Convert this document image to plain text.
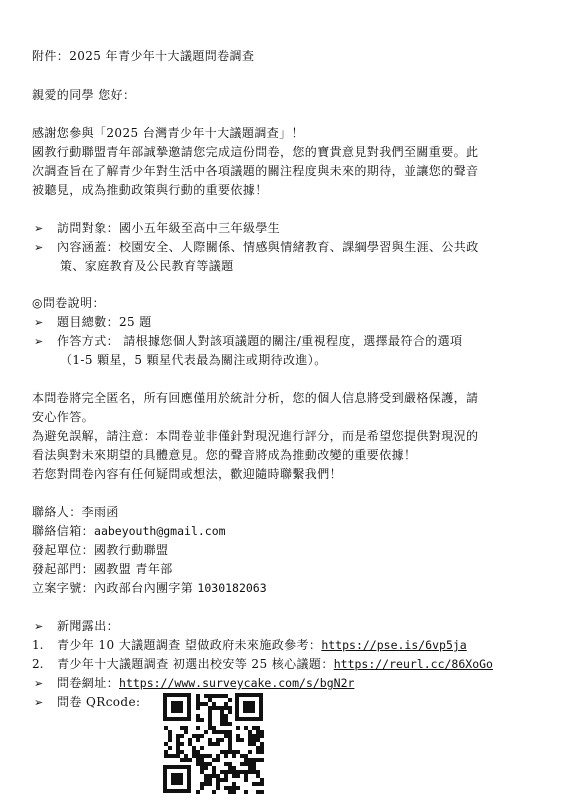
附件：2025 年青少年十大議題問卷調查
親愛的同學 您好：
感謝您參與「2025 台灣青少年十大議題調查」！
國教行動聯盟青年部誠摯邀請您完成這份問卷，您的寶貴意見對我們至關重要。此
次調查旨在了解青少年對生活中各項議題的關注程度與未來的期待，並讓您的聲音
被聽見，成為推動政策與行動的重要依據！
➢ 訪問對象：國小五年級至高中三年級學生
➢ 內容涵蓋：校園安全、人際關係、情感與情緒教育、課綱學習與生涯、公共政
策、家庭教育及公民教育等議題
◎問卷說明：
➢ 題目總數：25 題
➢ 作答方式： 請根據您個人對該項議題的關注/重視程度，選擇最符合的選項
（1-5 顆星，5 顆星代表最為關注或期待改進）。
本問卷將完全匿名，所有回應僅用於統計分析，您的個人信息將受到嚴格保護，請
安心作答。
為避免誤解，請注意：本問卷並非僅針對現況進行評分，而是希望您提供對現況的
看法與對未來期望的具體意見。您的聲音將成為推動改變的重要依據！
若您對問卷內容有任何疑問或想法，歡迎隨時聯繫我們！
聯絡人：李雨函
聯絡信箱：aabeyouth@gmail.com
發起單位：國教行動聯盟
發起部門：國教盟 青年部
立案字號：內政部台內團字第 1030182063
➢ 新聞露出：
1. 青少年 10 大議題調查 望做政府未來施政參考：https://pse.is/6vp5ja
2. 青少年十大議題調查 初選出校安等 25 核心議題：https://reurl.cc/86XoGo
➢ 問卷網址：https://www.surveycake.com/s/bgN2r
➢ 問卷 QRcode:
